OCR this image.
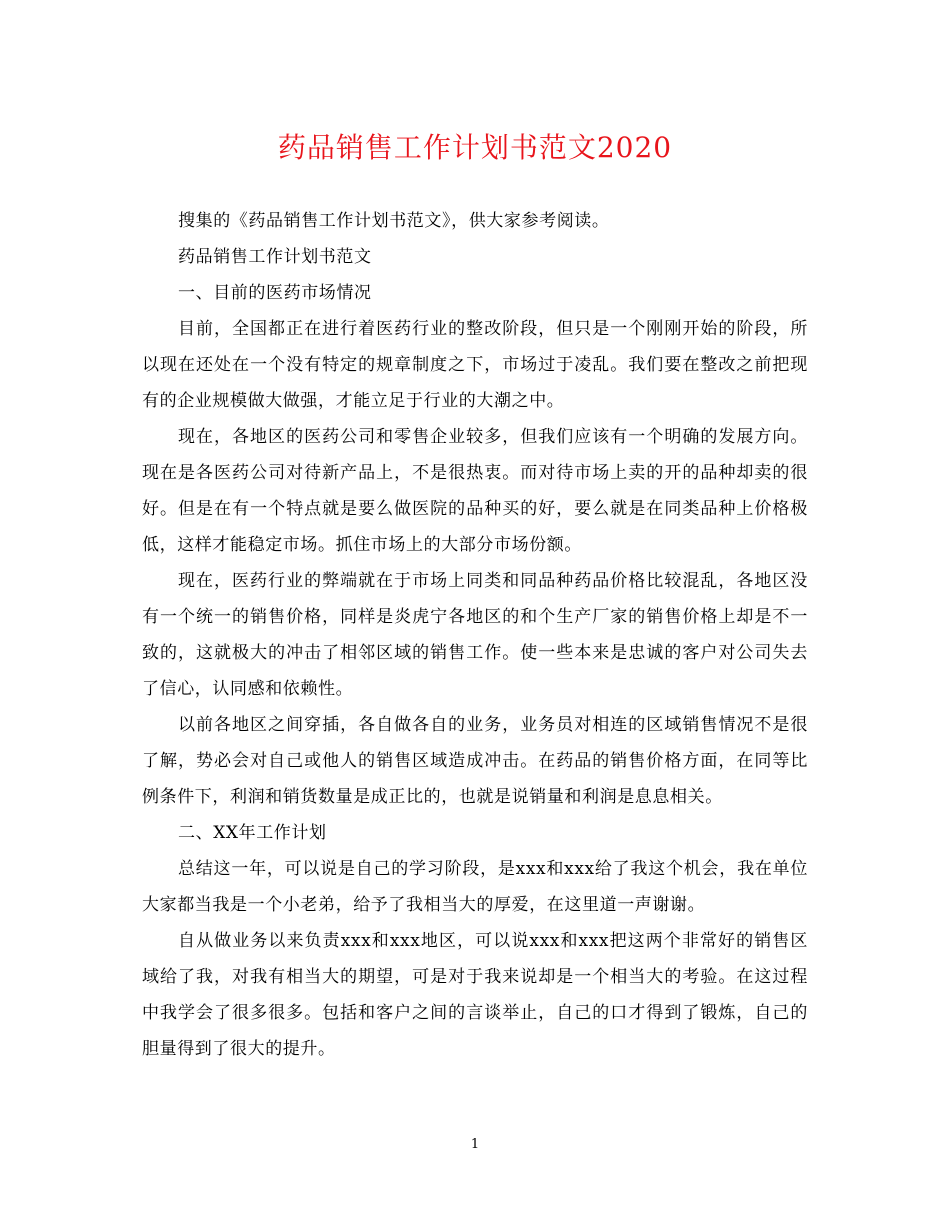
药品销售工作计划书范文2020

搜集的《药品销售工作计划书范文》，供大家参考阅读。

药品销售工作计划书范文

一、目前的医药市场情况

目前，全国都正在进行着医药行业的整改阶段，但只是一个刚刚开始的阶段，所以现在还处在一个没有特定的规章制度之下，市场过于凌乱。我们要在整改之前把现有的企业规模做大做强，才能立足于行业的大潮之中。

现在，各地区的医药公司和零售企业较多，但我们应该有一个明确的发展方向。现在是各医药公司对待新产品上，不是很热衷。而对待市场上卖的开的品种却卖的很好。但是在有一个特点就是要么做医院的品种买的好，要么就是在同类品种上价格极低，这样才能稳定市场。抓住市场上的大部分市场份额。

现在，医药行业的弊端就在于市场上同类和同品种药品价格比较混乱，各地区没有一个统一的销售价格，同样是炎虎宁各地区的和个生产厂家的销售价格上却是不一致的，这就极大的冲击了相邻区域的销售工作。使一些本来是忠诚的客户对公司失去了信心，认同感和依赖性。

以前各地区之间穿插，各自做各自的业务，业务员对相连的区域销售情况不是很了解，势必会对自己或他人的销售区域造成冲击。在药品的销售价格方面，在同等比例条件下，利润和销货数量是成正比的，也就是说销量和利润是息息相关。

二、XX年工作计划

总结这一年，可以说是自己的学习阶段，是xxx和xxx给了我这个机会，我在单位大家都当我是一个小老弟，给予了我相当大的厚爱，在这里道一声谢谢。

自从做业务以来负责xxx和xxx地区，可以说xxx和xxx把这两个非常好的销售区域给了我，对我有相当大的期望，可是对于我来说却是一个相当大的考验。在这过程中我学会了很多很多。包括和客户之间的言谈举止，自己的口才得到了锻炼，自己的胆量得到了很大的提升。

1
